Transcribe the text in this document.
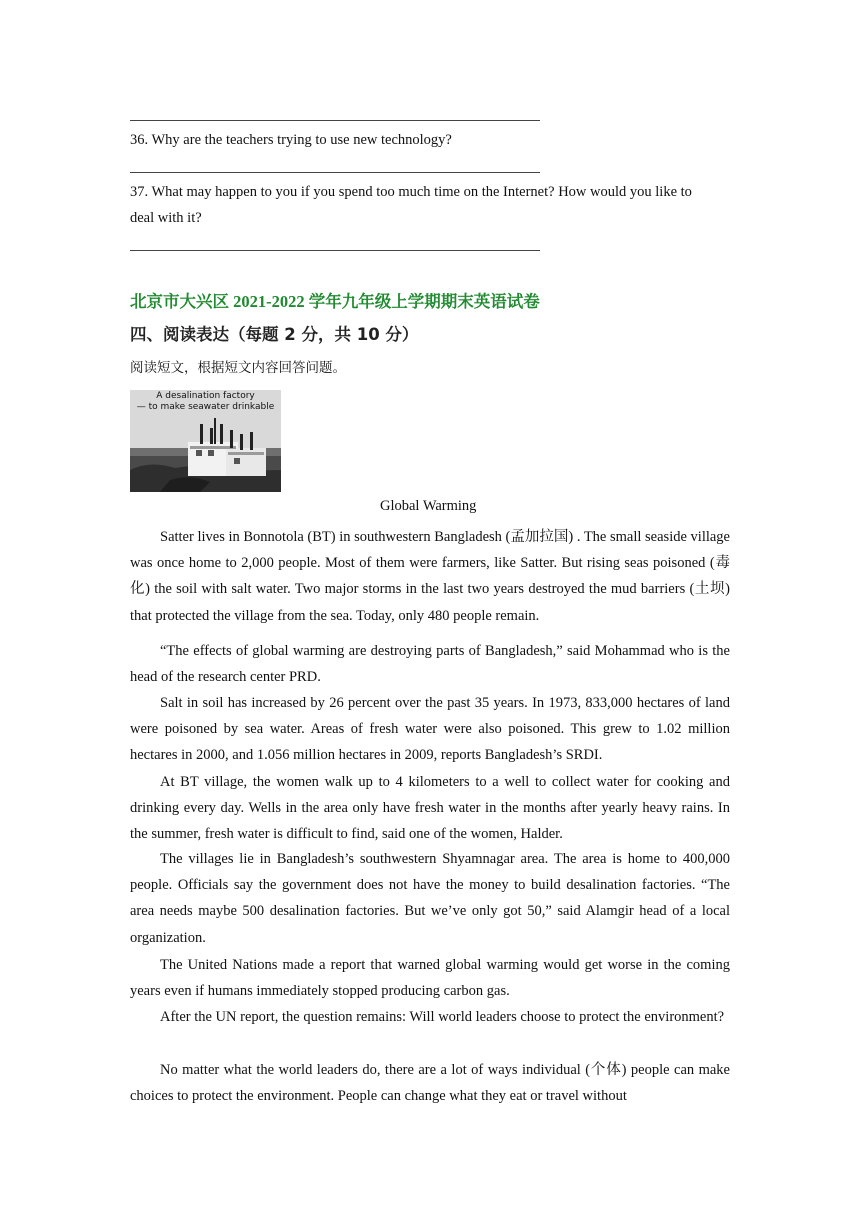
36. Why are the teachers trying to use new technology?
37. What may happen to you if you spend too much time on the Internet? How would you like to
deal with it?
北京市大兴区 2021-2022 学年九年级上学期期末英语试卷
四、阅读表达（每题 2 分，共 10 分）
阅读短文，根据短文内容回答问题。
A desalination factory
— to make seawater drinkable
Global Warming
Satter lives in Bonnotola (BT) in southwestern Bangladesh (孟加拉国) . The small seaside village was once home to 2,000 people. Most of them were farmers, like Satter. But rising seas poisoned (毒化) the soil with salt water. Two major storms in the last two years destroyed the mud barriers (土坝) that protected the village from the sea. Today, only 480 people remain.
“The effects of global warming are destroying parts of Bangladesh,” said Mohammad who is the head of the research center PRD.
Salt in soil has increased by 26 percent over the past 35 years. In 1973, 833,000 hectares of land were poisoned by sea water. Areas of fresh water were also poisoned. This grew to 1.02 million hectares in 2000, and 1.056 million hectares in 2009, reports Bangladesh’s SRDI.
At BT village, the women walk up to 4 kilometers to a well to collect water for cooking and drinking every day. Wells in the area only have fresh water in the months after yearly heavy rains. In the summer, fresh water is difficult to find, said one of the women, Halder.
The villages lie in Bangladesh’s southwestern Shyamnagar area. The area is home to 400,000 people. Officials say the government does not have the money to build desalination factories. “The area needs maybe 500 desalination factories. But we’ve only got 50,” said Alamgir head of a local organization.
The United Nations made a report that warned global warming would get worse in the coming years even if humans immediately stopped producing carbon gas.
After the UN report, the question remains: Will world leaders choose to protect the environment?
No matter what the world leaders do, there are a lot of ways individual (个体) people can make choices to protect the environment. People can change what they eat or travel without
